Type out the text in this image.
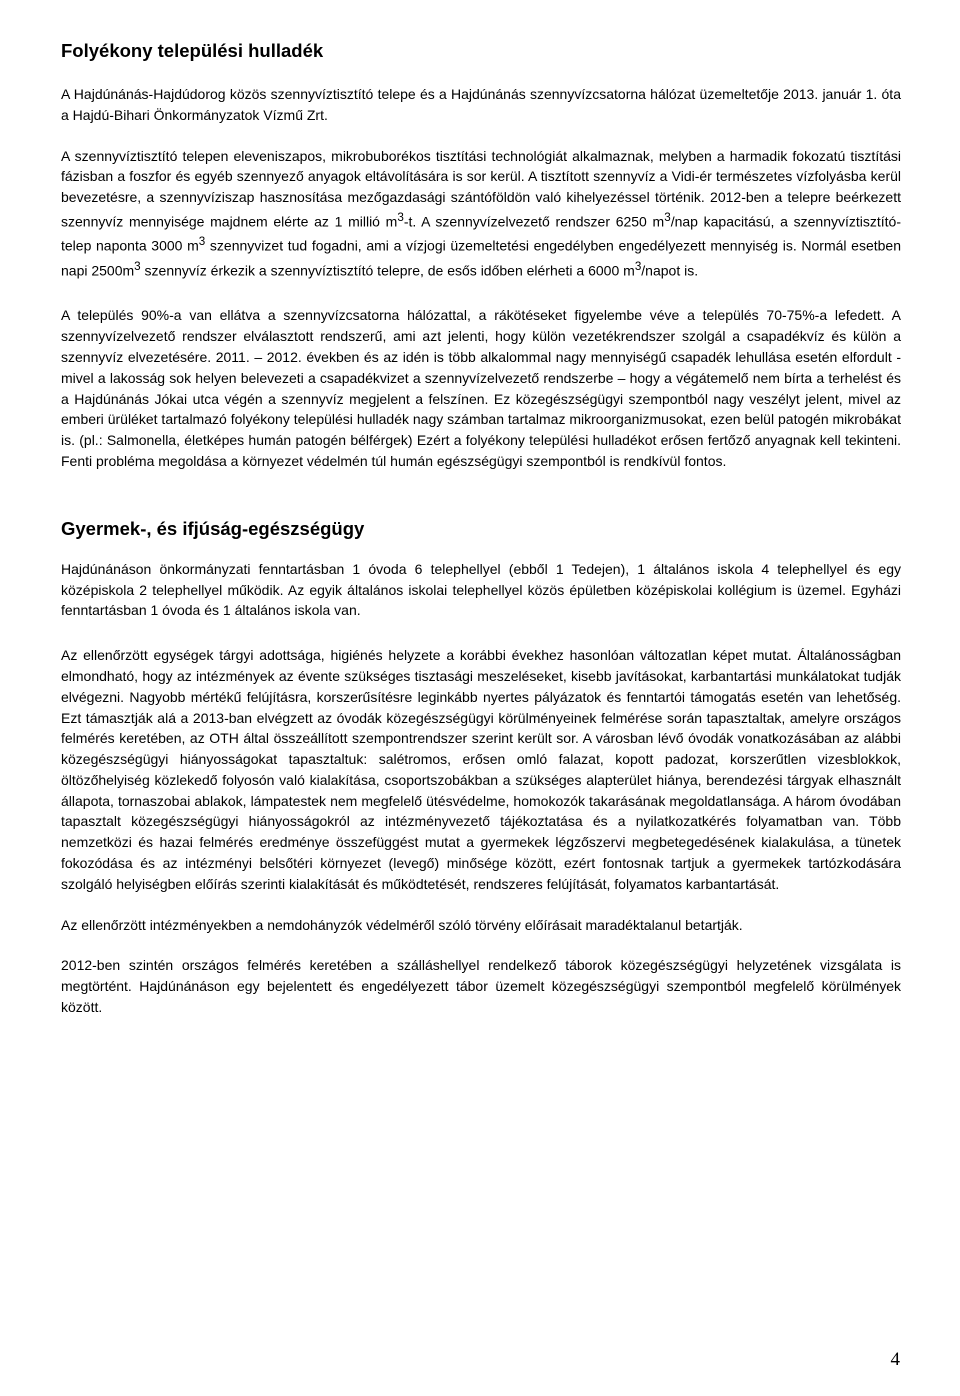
Folyékony települési hulladék

A Hajdúnánás-Hajdúdorog közös szennyvíztisztító telepe és a Hajdúnánás szennyvízcsatorna hálózat üzemeltetője 2013. január 1. óta a Hajdú-Bihari Önkormányzatok Vízmű Zrt.

A szennyvíztisztító telepen eleveniszapos, mikrobuborékos tisztítási technológiát alkalmaznak, melyben a harmadik fokozatú tisztítási fázisban a foszfor és egyéb szennyező anyagok eltávolítására is sor kerül. A tisztított szennyvíz a Vidi-ér természetes vízfolyásba kerül bevezetésre, a szennyvíziszap hasznosítása mezőgazdasági szántóföldön való kihelyezéssel történik. 2012-ben a telepre beérkezett szennyvíz mennyisége majdnem elérte az 1 millió $m^3-t$. A szennyvízelvezető rendszer 6250 $m^3$/nap kapacitású, a szennyvíztisztító-telep naponta 3000 $m^3$ szennyvizet tud fogadni, ami a vízjogi üzemeltetési engedélyben engedélyezett mennyiség is. Normál esetben napi $2500m^3$ szennyvíz érkezik a szennyvíztisztító telepre, de esős időben elérheti a 6000 $m^3$/napot is.

A település 90%-a van ellátva a szennyvízcsatorna hálózattal, a rákötéseket figyelembe véve a település 70-75%-a lefedett. A szennyvízelvezető rendszer elválasztott rendszerű, ami azt jelenti, hogy külön vezetékrendszer szolgál a csapadékvíz és külön a szennyvíz elvezetésére. 2011. – 2012. években és az idén is több alkalommal nagy mennyiségű csapadék lehullása esetén elfordult - mivel a lakosság sok helyen belevezeti a csapadékvizet a szennyvízelvezető rendszerbe – hogy a végátemelő nem bírta a terhelést és a Hajdúnánás Jókai utca végén a szennyvíz megjelent a felszínen. Ez közegészségügyi szempontból nagy veszélyt jelent, mivel az emberi ürüléket tartalmazó folyékony települési hulladék nagy számban tartalmaz mikroorganizmusokat, ezen belül patogén mikrobákat is. (pl.: Salmonella, életképes humán patogén bélférgek) Ezért a folyékony települési hulladékot erősen fertőző anyagnak kell tekinteni. Fenti probléma megoldása a környezet védelmén túl humán egészségügyi szempontból is rendkívül fontos.

Gyermek-, és ifjúság-egészségügy

Hajdúnánáson önkormányzati fenntartásban 1 óvoda 6 telephellyel (ebből 1 Tedejen), 1 általános iskola 4 telephellyel és egy középiskola 2 telephellyel működik. Az egyik általános iskolai telephellyel közös épületben középiskolai kollégium is üzemel. Egyházi fenntartásban 1 óvoda és 1 általános iskola van.

Az ellenőrzött egységek tárgyi adottsága, higiénés helyzete a korábbi évekhez hasonlóan változatlan képet mutat. Általánosságban elmondható, hogy az intézmények az évente szükséges tisztasági meszeléseket, kisebb javításokat, karbantartási munkálatokat tudják elvégezni. Nagyobb mértékű felújításra, korszerűsítésre leginkább nyertes pályázatok és fenntartói támogatás esetén van lehetőség. Ezt támasztják alá a 2013-ban elvégzett az óvodák közegészségügyi körülményeinek felmérése során tapasztaltak, amelyre országos felmérés keretében, az OTH által összeállított szempontrendszer szerint került sor. A városban lévő óvodák vonatkozásában az alábbi közegészségügyi hiányosságokat tapasztaltuk: salétromos, erősen omló falazat, kopott padozat, korszerűtlen vizesblokkok, öltözőhelyiség közlekedő folyosón való kialakítása, csoportszobákban a szükséges alapterület hiánya, berendezési tárgyak elhasznált állapota, tornaszobai ablakok, lámpatestek nem megfelelő ütésvédelme, homokozók takarásának megoldatlansága. A három óvodában tapasztalt közegészségügyi hiányosságokról az intézményvezető tájékoztatása és a nyilatkozatkérés folyamatban van. Több nemzetközi és hazai felmérés eredménye összefüggést mutat a gyermekek légzőszervi megbetegedésének kialakulása, a tünetek fokozódása és az intézményi belsőtéri környezet (levegő) minősége között, ezért fontosnak tartjuk a gyermekek tartózkodására szolgáló helyiségben előírás szerinti kialakítását és működtetését, rendszeres felújítását, folyamatos karbantartását.

Az ellenőrzött intézményekben a nemdohányzók védelméről szóló törvény előírásait maradéktalanul betartják.

2012-ben szintén országos felmérés keretében a szálláshellyel rendelkező táborok közegészségügyi helyzetének vizsgálata is megtörtént. Hajdúnánáson egy bejelentett és engedélyezett tábor üzemelt közegészségügyi szempontból megfelelő körülmények között.

4
